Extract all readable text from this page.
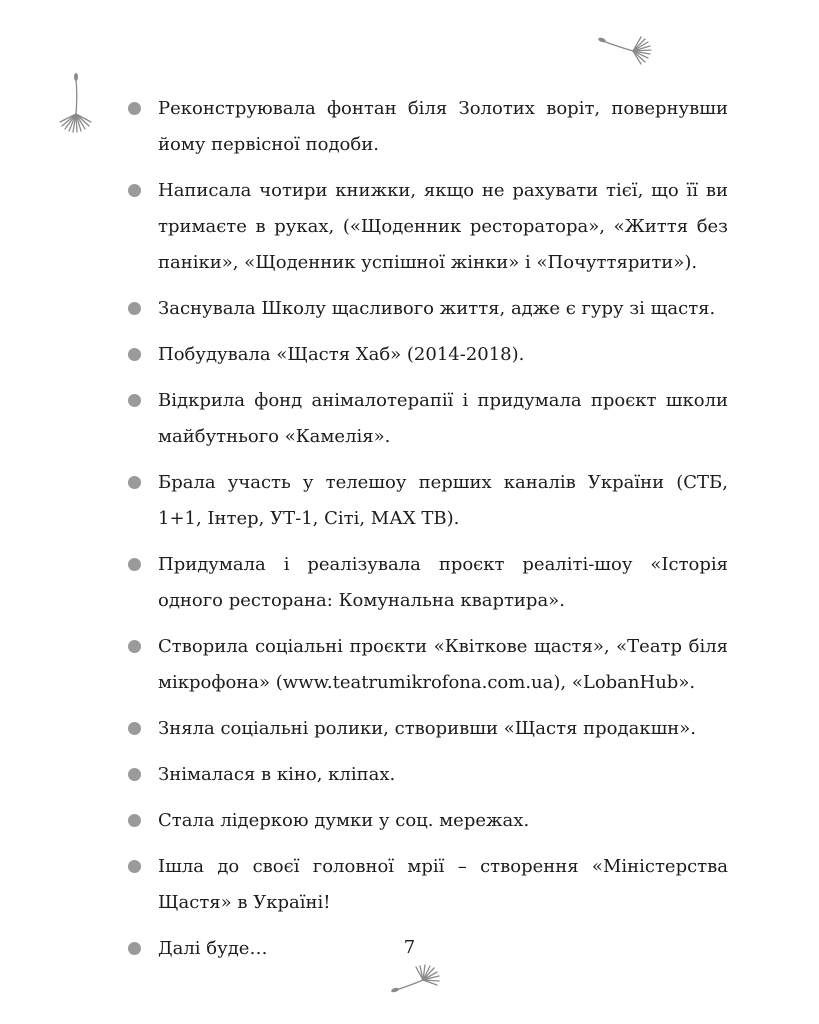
Реконструювала фонтан біля Золотих воріт, повернувши йому первісної подоби.
Написала чотири книжки, якщо не рахувати тієї, що її ви тримаєте в руках, («Щоденник ресторатора», «Життя без паніки», «Щоденник успішної жінки» і «Почуттярити»).
Заснувала Школу щасливого життя, адже є гуру зі щастя.
Побудувала «Щастя Хаб» (2014-2018).
Відкрила фонд анімалотерапії і придумала проєкт школи майбутнього «Камелія».
Брала участь у телешоу перших каналів України (СТБ, 1+1, Інтер, УТ-1, Сіті, МАХ ТВ).
Придумала і реалізувала проєкт реаліті-шоу «Історія одного ресторана: Комунальна квартира».
Створила соціальні проєкти «Квіткове щастя», «Театр біля мікрофона» (www.teatrumikrofona.com.ua), «LobanHub».
Зняла соціальні ролики, створивши «Щастя продакшн».
Знімалася в кіно, кліпах.
Стала лідеркою думки у соц. мережах.
Ішла до своєї головної мрії – створення «Міністерства Щастя» в Україні!
Далі буде…	7
